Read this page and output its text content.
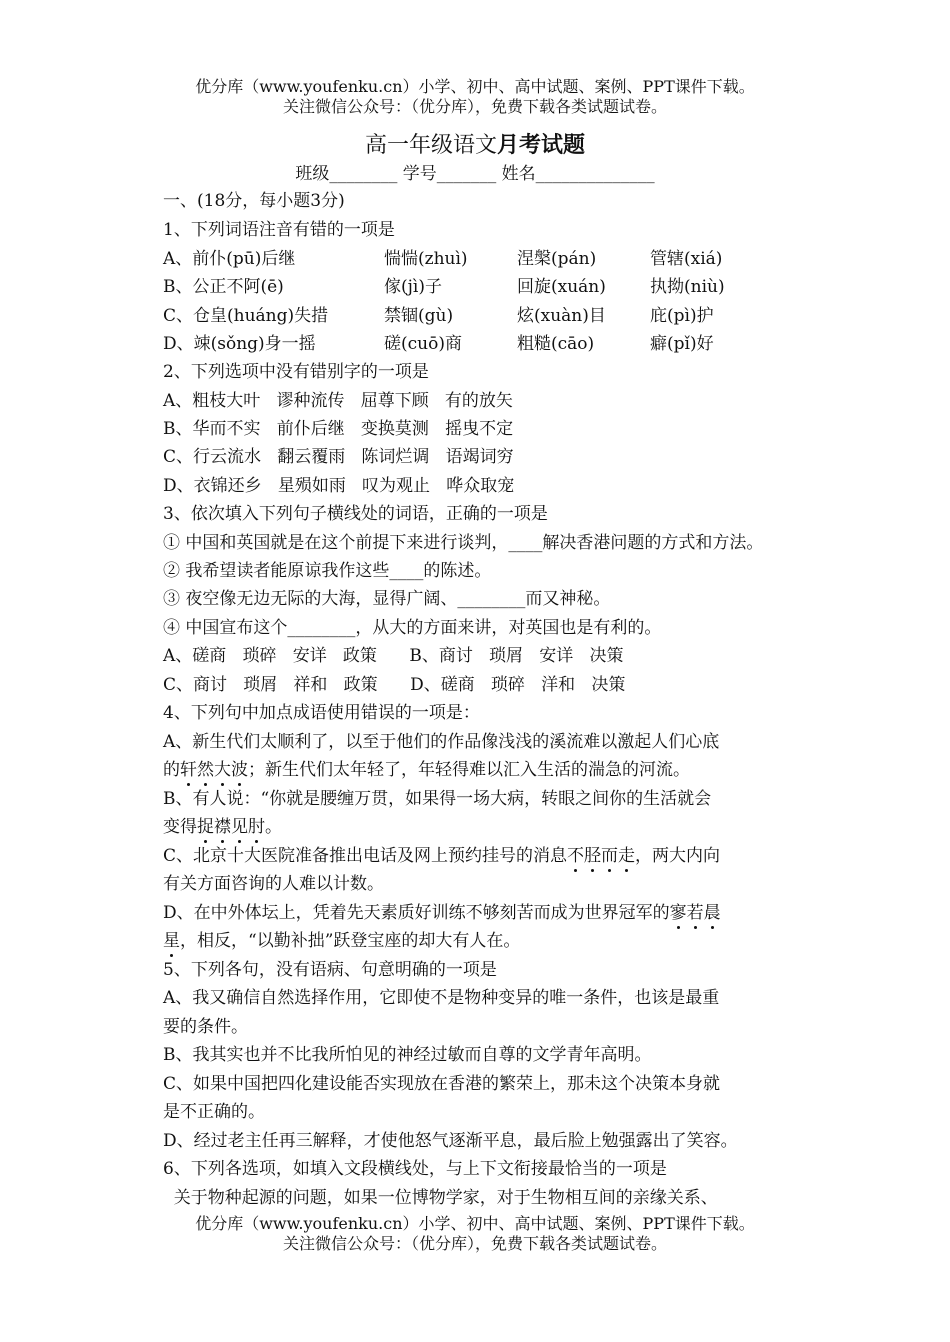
优分库（www.youfenku.cn）小学、初中、高中试题、案例、PPT课件下载。
关注微信公众号：（优分库），免费下载各类试题试卷。
高一年级语文月考试题
班级________ 学号_______ 姓名______________
一、(18分，每小题3分)
1、下列词语注音有错的一项是
A、前仆(pū)后继	惴惴(zhuì)	涅槃(pán)	管辖(xiá)
B、公正不阿(ē)	傢(jì)子	回旋(xuán)	执拗(niù)
C、仓皇(huáng)失措	禁锢(gù)	炫(xuàn)目	庇(pì)护
D、竦(sǒng)身一摇	磋(cuō)商	粗糙(cāo)	癖(pǐ)好
2、下列选项中没有错别字的一项是
A、粗枝大叶   谬种流传   屈尊下顾   有的放矢
B、华而不实   前仆后继   变换莫测   摇曳不定
C、行云流水   翻云覆雨   陈词烂调   语竭词穷
D、衣锦还乡   星殒如雨   叹为观止   哗众取宠
3、依次填入下列句子横线处的词语，正确的一项是
① 中国和英国就是在这个前提下来进行谈判，____解决香港问题的方式和方法。
② 我希望读者能原谅我作这些____的陈述。
③ 夜空像无边无际的大海，显得广阔、________而又神秘。
④ 中国宣布这个________，从大的方面来讲，对英国也是有利的。
A、磋商   琐碎   安详   政策      B、商讨   琐屑   安详   决策
C、商讨   琐屑   祥和   政策      D、磋商   琐碎   洋和   决策
4、下列句中加点成语使用错误的一项是：
A、新生代们太顺利了，以至于他们的作品像浅浅的溪流难以激起人们心底
的轩然大波；新生代们太年轻了，年轻得难以汇入生活的湍急的河流。
B、有人说：“你就是腰缠万贯，如果得一场大病，转眼之间你的生活就会
变得捉襟见肘。
C、北京十大医院准备推出电话及网上预约挂号的消息不胫而走，两大内向
有关方面咨询的人难以计数。
D、在中外体坛上，凭着先天素质好训练不够刻苦而成为世界冠军的寥若晨
星，相反，“以勤补拙”跃登宝座的却大有人在。
5、下列各句，没有语病、句意明确的一项是
A、我又确信自然选择作用，它即使不是物种变异的唯一条件，也该是最重
要的条件。
B、我其实也并不比我所怕见的神经过敏而自尊的文学青年高明。
C、如果中国把四化建设能否实现放在香港的繁荣上，那未这个决策本身就
是不正确的。
D、经过老主任再三解释，才使他怒气逐渐平息，最后脸上勉强露出了笑容。
6、下列各选项，如填入文段横线处，与上下文衔接最恰当的一项是
关于物种起源的问题，如果一位博物学家，对于生物相互间的亲缘关系、
优分库（www.youfenku.cn）小学、初中、高中试题、案例、PPT课件下载。
关注微信公众号：（优分库），免费下载各类试题试卷。
